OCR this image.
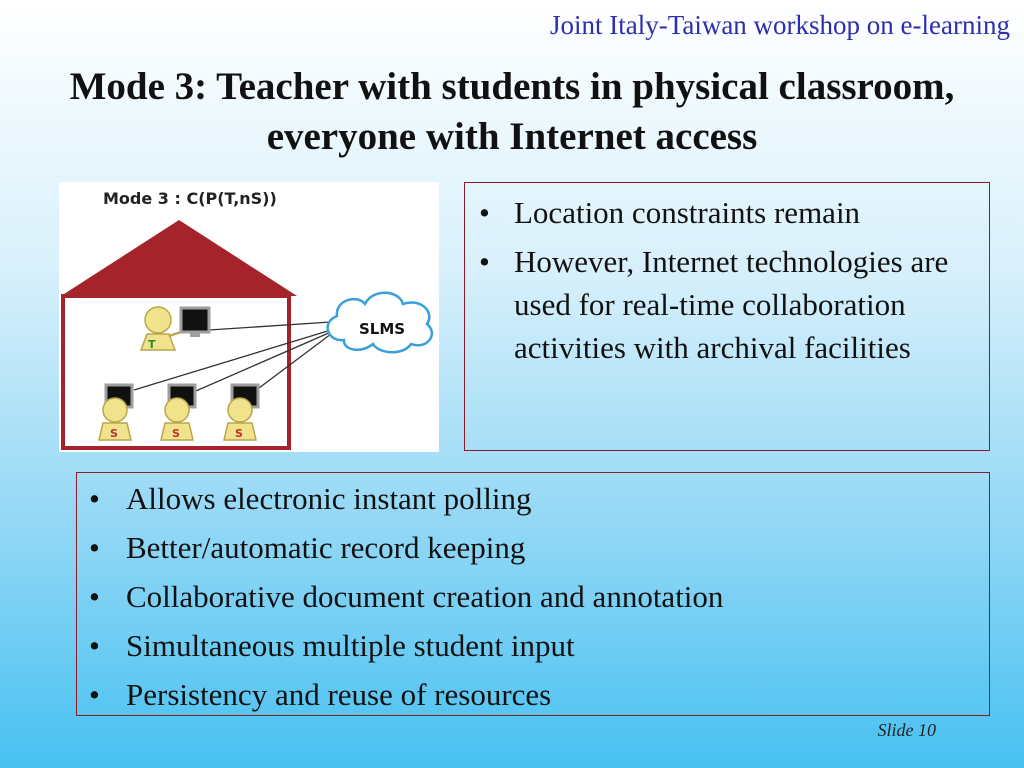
Joint Italy-Taiwan workshop on e-learning
Mode 3: Teacher with students in physical classroom, everyone with Internet access
Mode 3 : C(P(T,nS))
SLMS
T
S	S	S
• Location constraints remain
• However, Internet technologies are used for real-time collaboration activities with archival facilities
• Allows electronic instant polling
• Better/automatic record keeping
• Collaborative document creation and annotation
• Simultaneous multiple student input
• Persistency and reuse of resources
Slide 10
